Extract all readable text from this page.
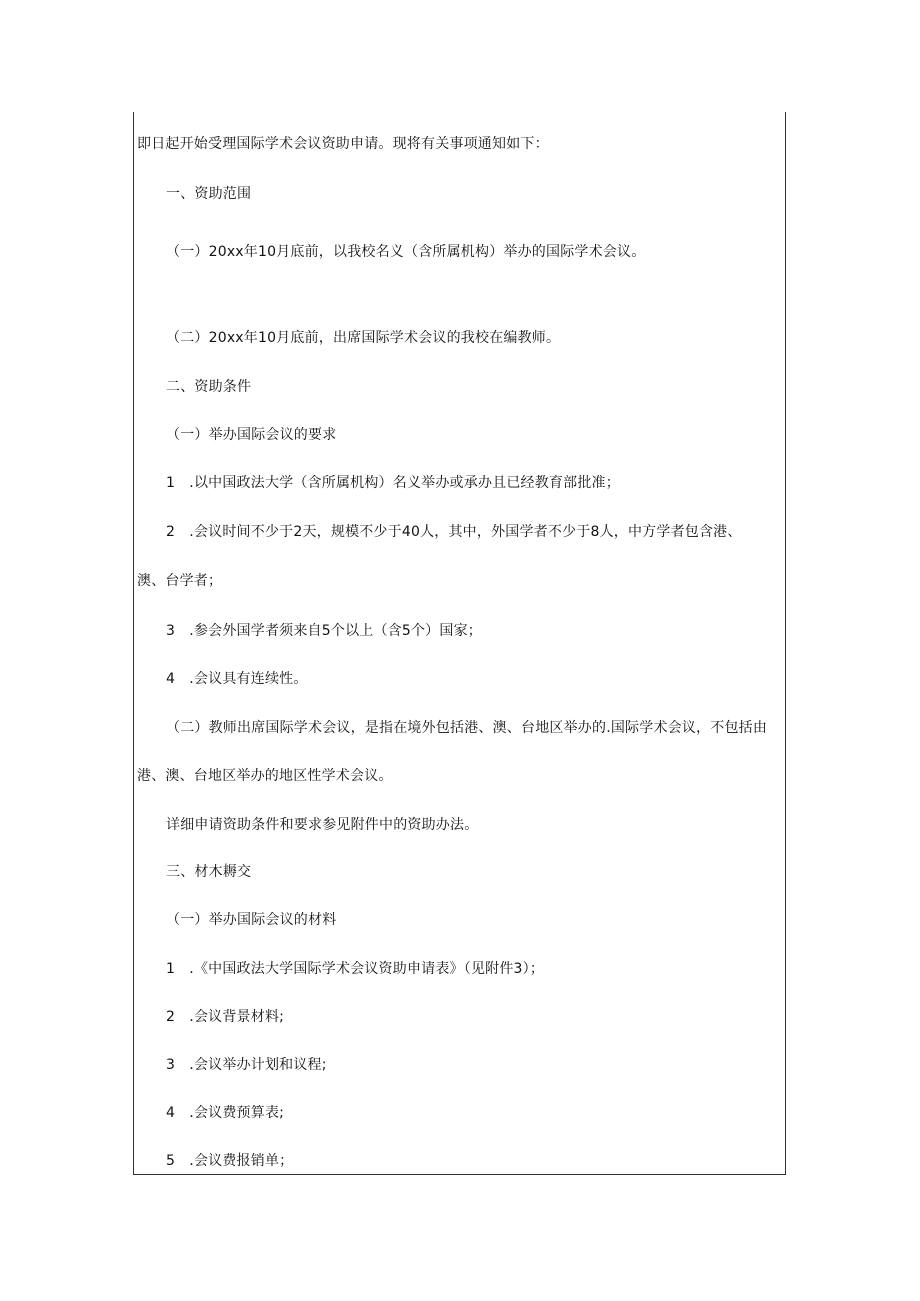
即日起开始受理国际学术会议资助申请。现将有关事项通知如下：
一、资助范围
（一）20xx年10月底前，以我校名义（含所属机构）举办的国际学术会议。
（二）20xx年10月底前，出席国际学术会议的我校在编教师。
二、资助条件
（一）举办国际会议的要求
1　.以中国政法大学（含所属机构）名义举办或承办且已经教育部批准；
2　.会议时间不少于2天，规模不少于40人，其中，外国学者不少于8人，中方学者包含港、
澳、台学者；
3　.参会外国学者须来自5个以上（含5个）国家；
4　.会议具有连续性。
（二）教师出席国际学术会议，是指在境外包括港、澳、台地区举办的.国际学术会议，不包括由
港、澳、台地区举办的地区性学术会议。
详细申请资助条件和要求参见附件中的资助办法。
三、材木耨交
（一）举办国际会议的材料
1　.《中国政法大学国际学术会议资助申请表》（见附件3）；
2　.会议背景材料;
3　.会议举办计划和议程;
4　.会议费预算表;
5　.会议费报销单；
